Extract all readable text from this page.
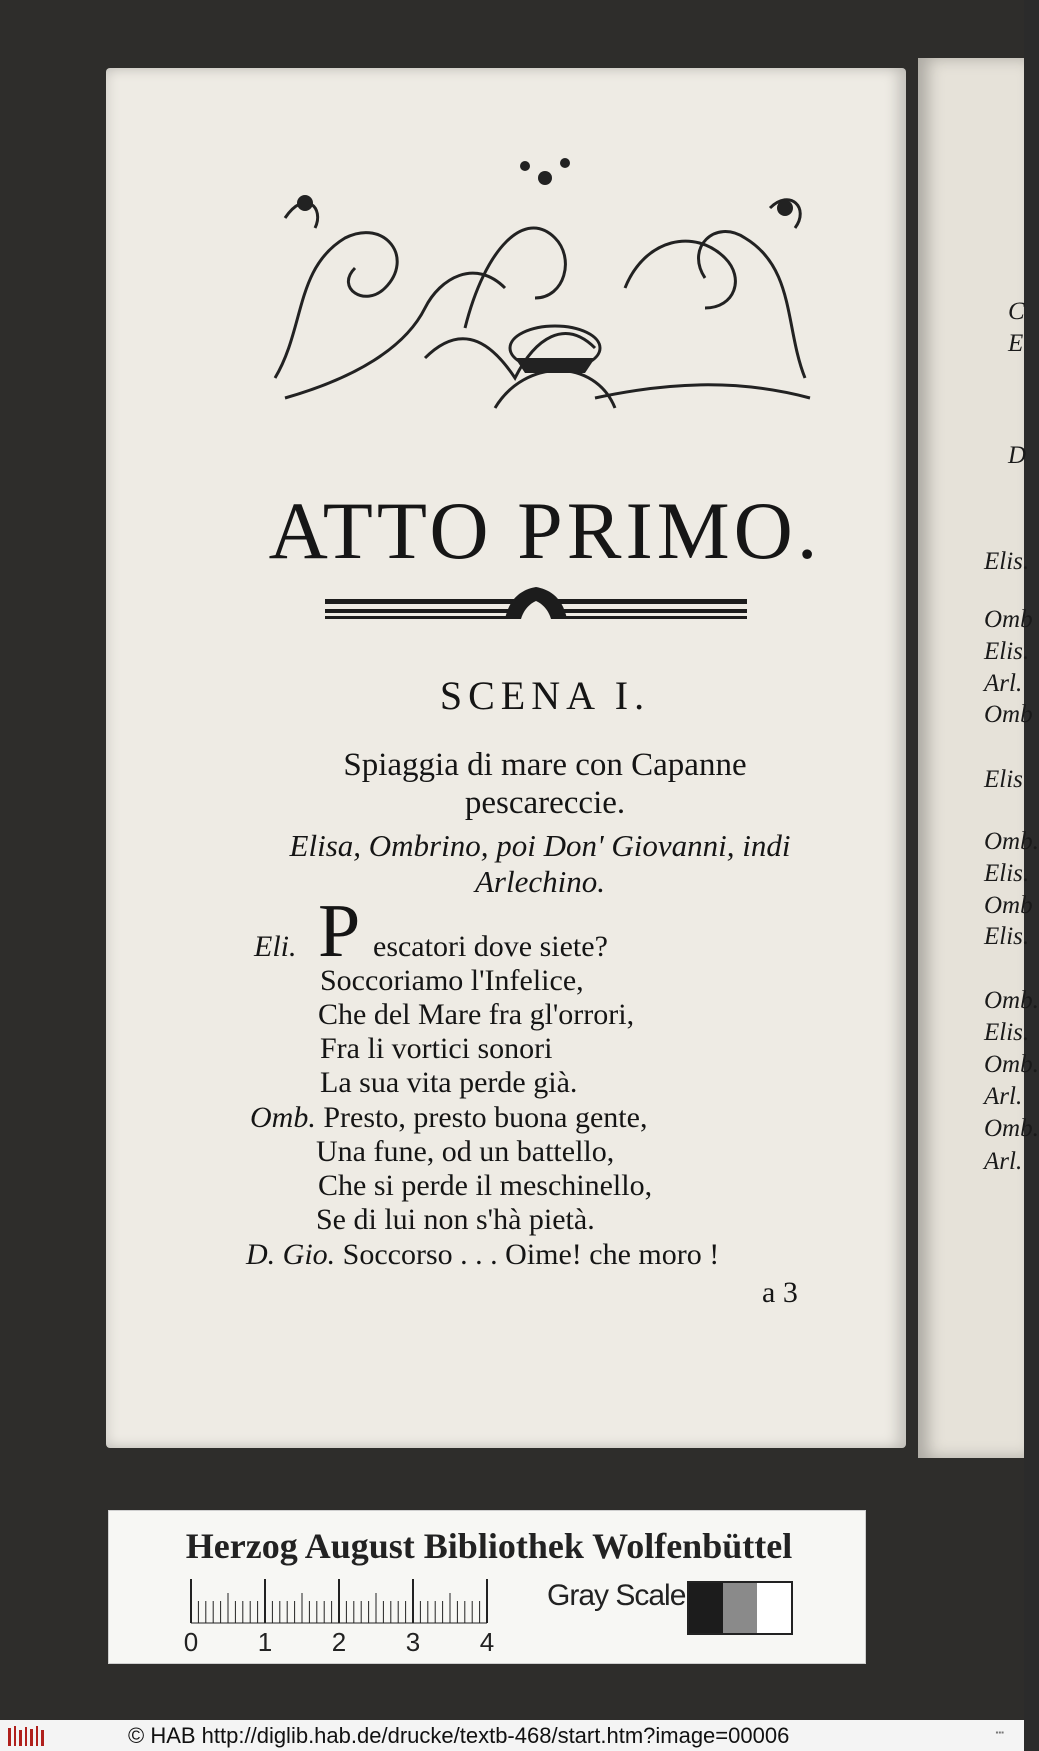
C
E
D
Elis.
Omb
Elis.
Arl.
Omb
Elis
Omb.
Elis.
Omb
Elis.
Omb.
Elis.
Omb.
Arl.
Omb.
Arl.
ATTO PRIMO.
SCENA I.
Spiaggia di mare con Capanne
pescareccie.
Elisa, Ombrino, poi Don' Giovanni, indi
Arlechino.
P
Eli.	escatori dove siete?
Soccoriamo l'Infelice,
Che del Mare fra gl'orrori,
Fra li vortici sonori
La sua vita perde già.
Omb. Presto, presto buona gente,
Una fune, od un battello,
Che si perde il meschinello,
Se di lui non s'hà pietà.
D. Gio. Soccorso . . . Oime! che moro !
a 3
Herzog August Bibliothek Wolfenbüttel
0 1 2 3 4
Gray Scale
© HAB http://diglib.hab.de/drucke/textb-468/start.htm?image=00006	▪▪▪
